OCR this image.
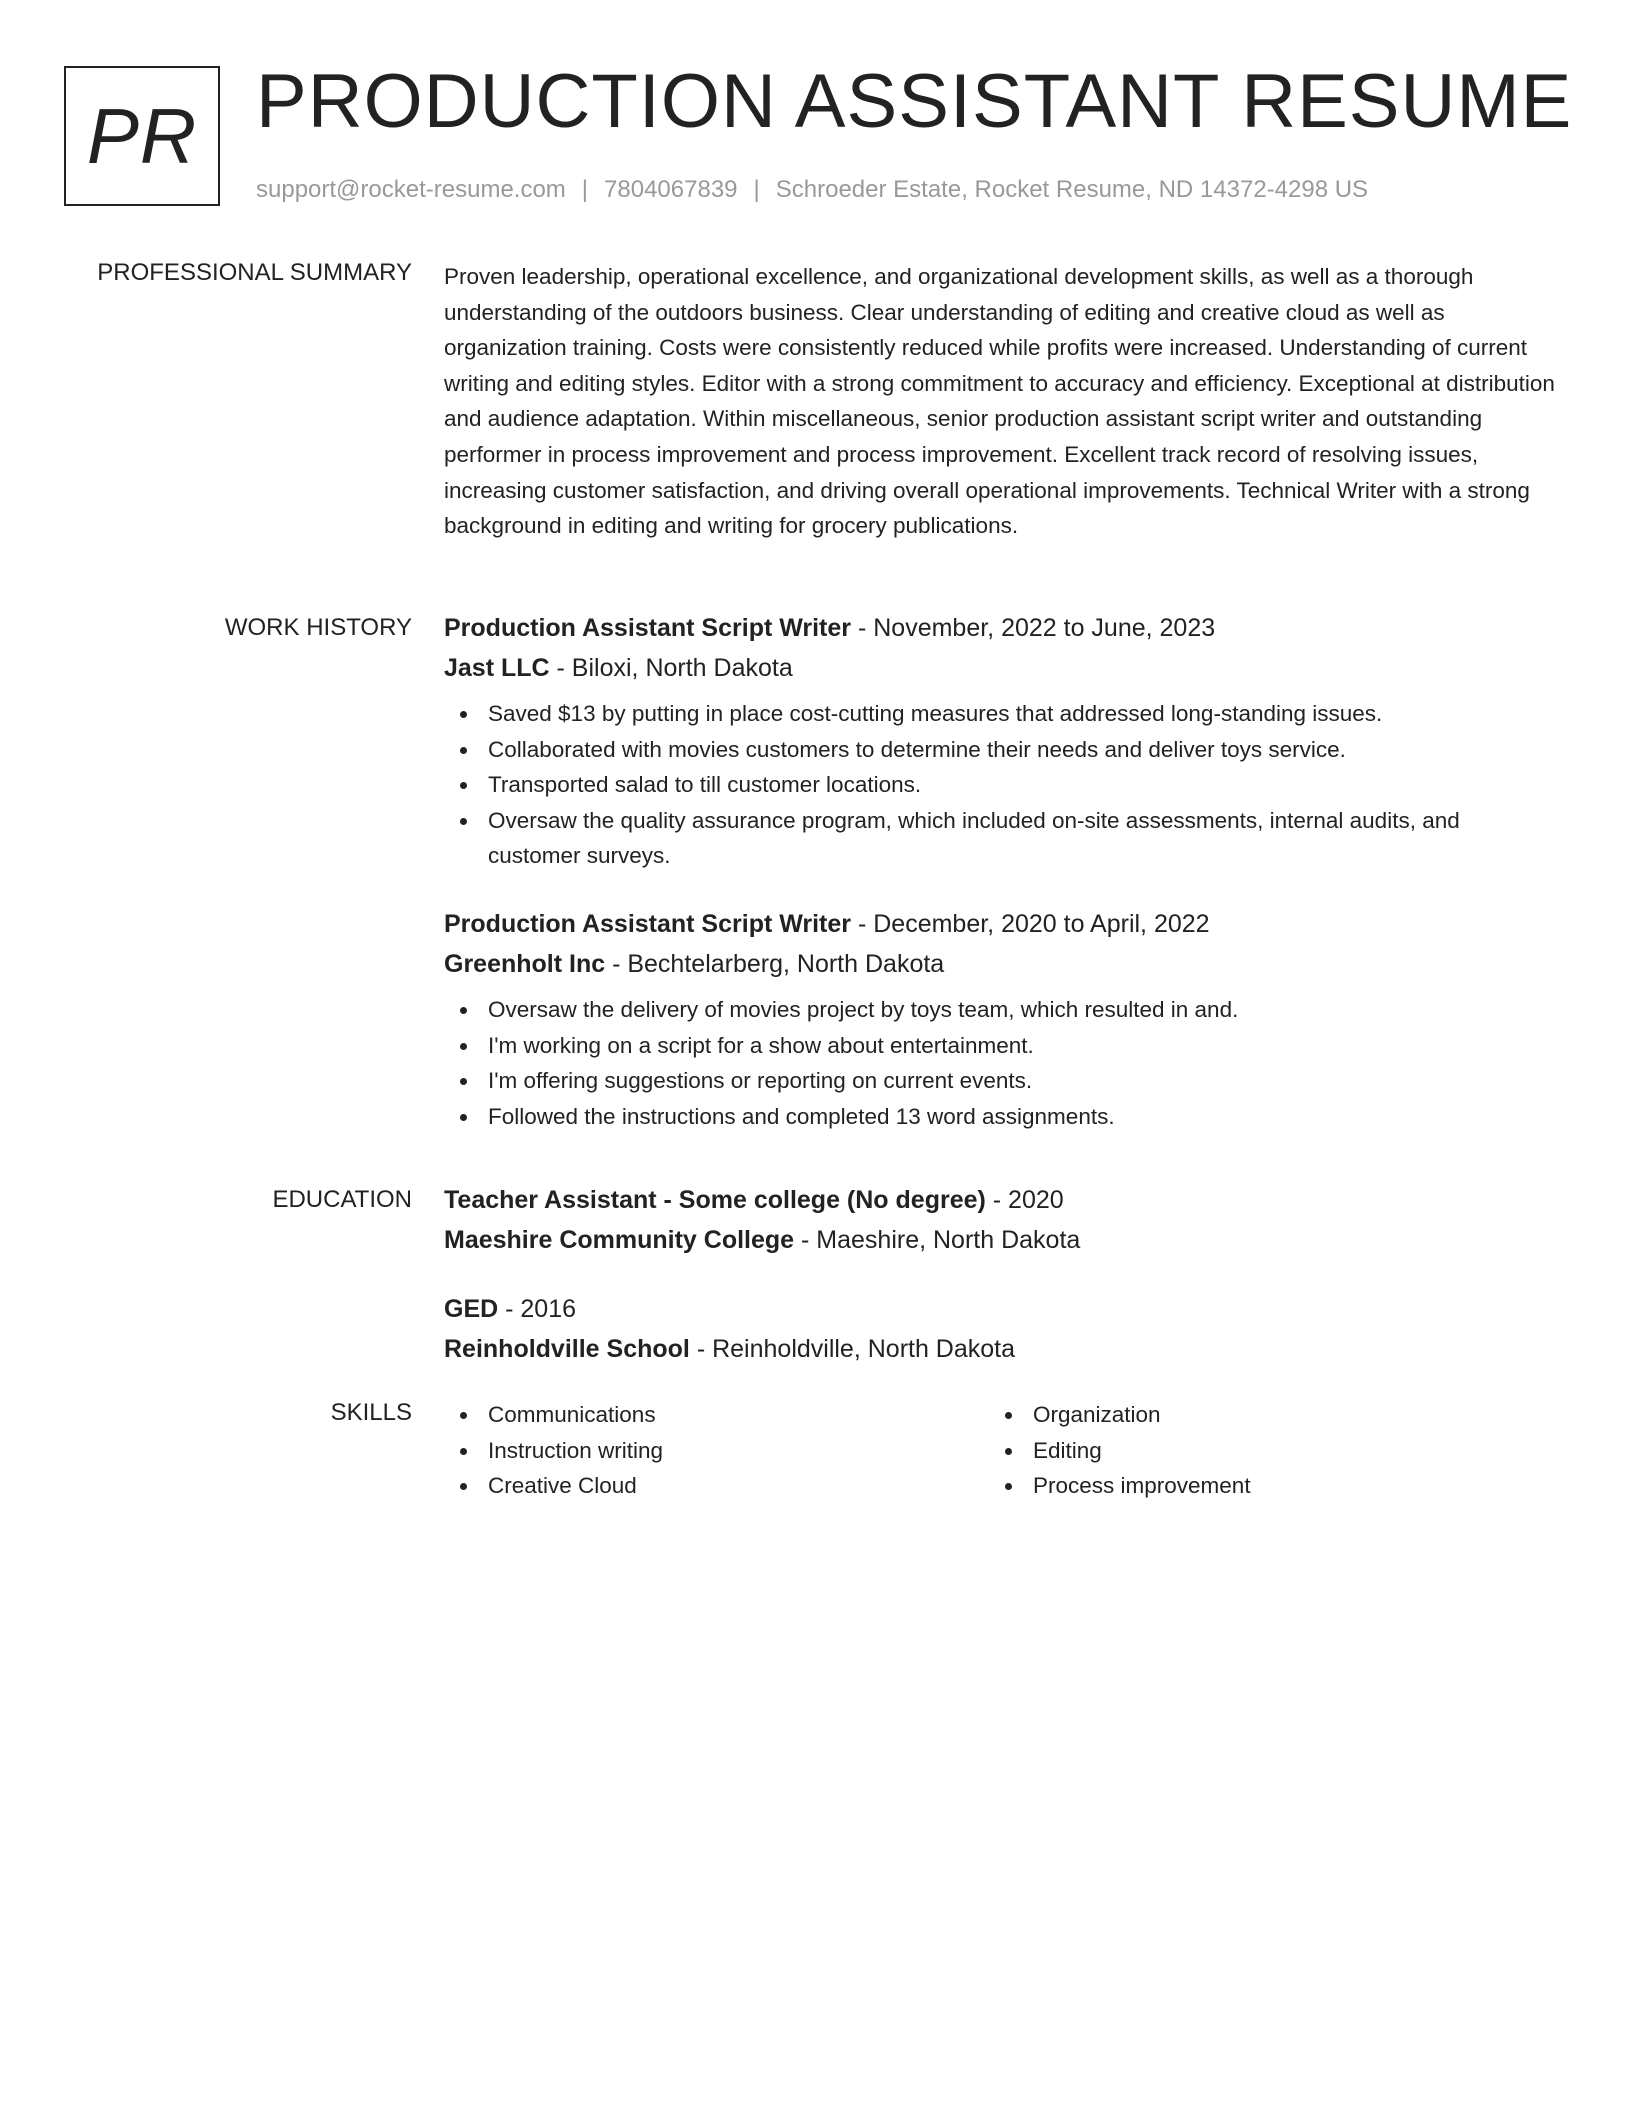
PR PRODUCTION ASSISTANT RESUME
support@rocket-resume.com | 7804067839 | Schroeder Estate, Rocket Resume, ND 14372-4298 US
PROFESSIONAL SUMMARY Proven leadership, operational excellence, and organizational development skills, as well as a thorough understanding of the outdoors business. Clear understanding of editing and creative cloud as well as organization training. Costs were consistently reduced while profits were increased. Understanding of current writing and editing styles. Editor with a strong commitment to accuracy and efficiency. Exceptional at distribution and audience adaptation. Within miscellaneous, senior production assistant script writer and outstanding performer in process improvement and process improvement. Excellent track record of resolving issues, increasing customer satisfaction, and driving overall operational improvements. Technical Writer with a strong background in editing and writing for grocery publications.

WORK HISTORY Production Assistant Script Writer - November, 2022 to June, 2023
Jast LLC - Biloxi, North Dakota
Saved $13 by putting in place cost-cutting measures that addressed long-standing issues.
Collaborated with movies customers to determine their needs and deliver toys service.
Transported salad to till customer locations.
Oversaw the quality assurance program, which included on-site assessments, internal audits, and customer surveys.
Production Assistant Script Writer - December, 2020 to April, 2022
Greenholt Inc - Bechtelarberg, North Dakota
Oversaw the delivery of movies project by toys team, which resulted in and.
I'm working on a script for a show about entertainment.
I'm offering suggestions or reporting on current events.
Followed the instructions and completed 13 word assignments.
EDUCATION Teacher Assistant - Some college (No degree) - 2020
Maeshire Community College - Maeshire, North Dakota
GED - 2016
Reinholdville School - Reinholdville, North Dakota
SKILLS	Communications
Instruction writing
Creative Cloud
Organization
Editing
Process improvement
